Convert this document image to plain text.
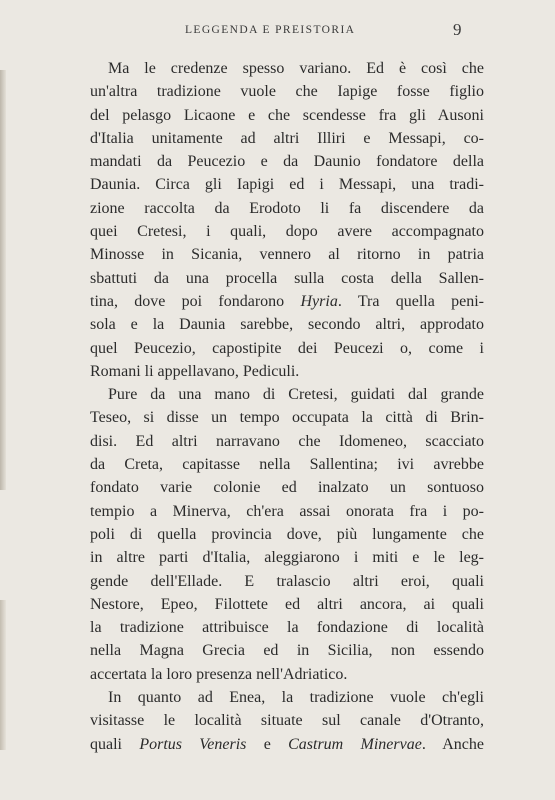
LEGGENDA E PREISTORIA	9
Ma le credenze spesso variano. Ed è così che
un'altra tradizione vuole che Iapige fosse figlio
del pelasgo Licaone e che scendesse fra gli Ausoni
d'Italia unitamente ad altri Illiri e Messapi, co-
mandati da Peucezio e da Daunio fondatore della
Daunia. Circa gli Iapigi ed i Messapi, una tradi-
zione raccolta da Erodoto li fa discendere da
quei Cretesi, i quali, dopo avere accompagnato
Minosse in Sicania, vennero al ritorno in patria
sbattuti da una procella sulla costa della Sallen-
tina, dove poi fondarono Hyria. Tra quella peni-
sola e la Daunia sarebbe, secondo altri, approdato
quel Peucezio, capostipite dei Peucezi o, come i
Romani li appellavano, Pediculi.
Pure da una mano di Cretesi, guidati dal grande
Teseo, si disse un tempo occupata la città di Brin-
disi. Ed altri narravano che Idomeneo, scacciato
da Creta, capitasse nella Sallentina; ivi avrebbe
fondato varie colonie ed inalzato un sontuoso
tempio a Minerva, ch'era assai onorata fra i po-
poli di quella provincia dove, più lungamente che
in altre parti d'Italia, aleggiarono i miti e le leg-
gende dell'Ellade. E tralascio altri eroi, quali
Nestore, Epeo, Filottete ed altri ancora, ai quali
la tradizione attribuisce la fondazione di località
nella Magna Grecia ed in Sicilia, non essendo
accertata la loro presenza nell'Adriatico.
In quanto ad Enea, la tradizione vuole ch'egli
visitasse le località situate sul canale d'Otranto,
quali Portus Veneris e Castrum Minervae. Anche
